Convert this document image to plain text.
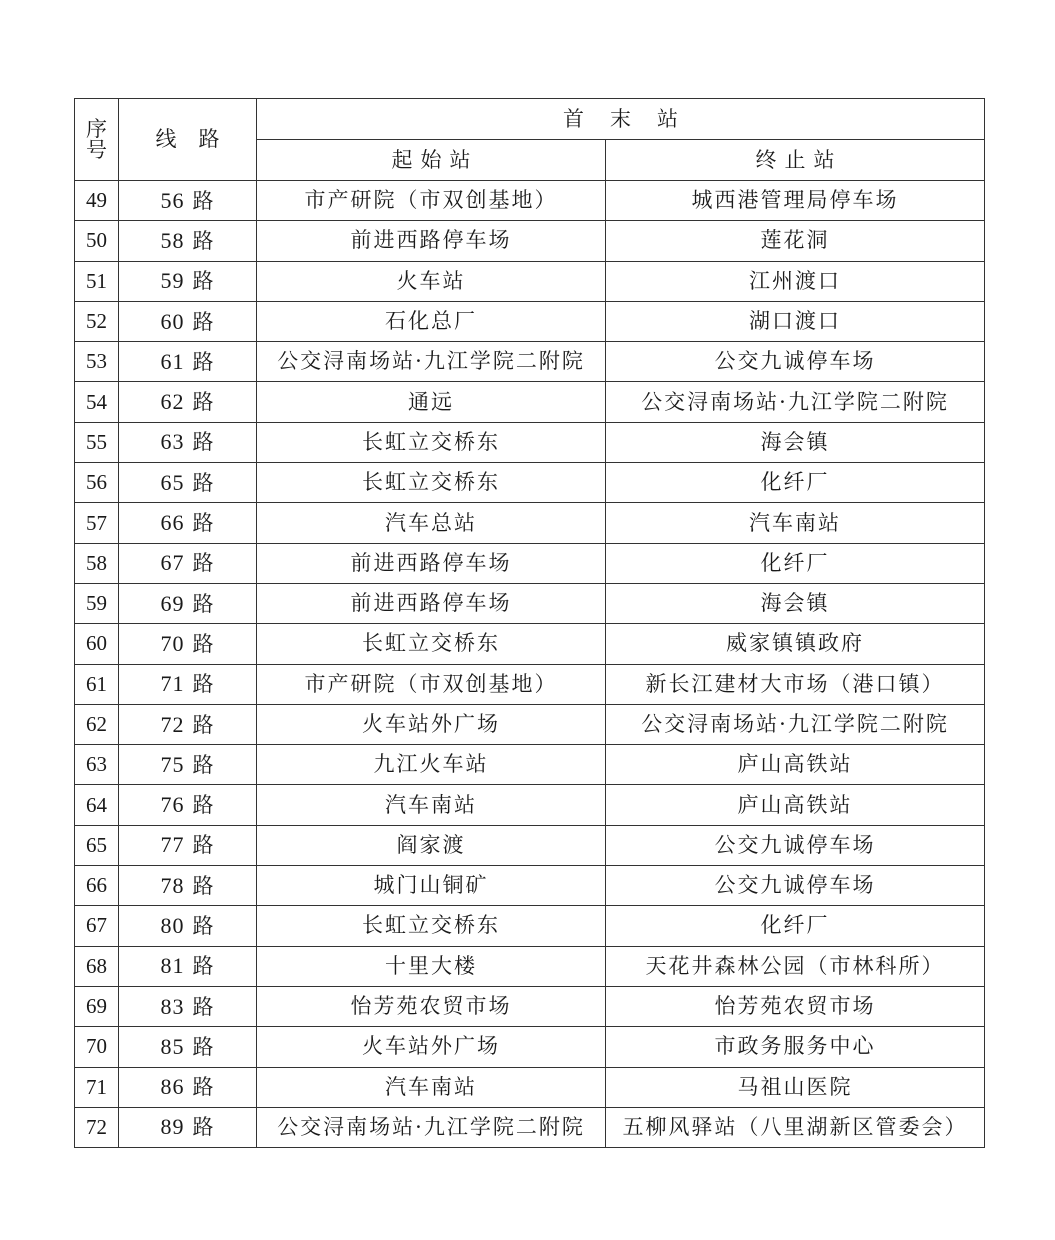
序
号	线路	首末站	
		起始站	终止站
49	56 路	市产研院（市双创基地）	城西港管理局停车场
50	58 路	前进西路停车场	莲花洞
51	59 路	火车站	江州渡口
52	60 路	石化总厂	湖口渡口
53	61 路	公交浔南场站·九江学院二附院	公交九诚停车场
54	62 路	通远	公交浔南场站·九江学院二附院
55	63 路	长虹立交桥东	海会镇
56	65 路	长虹立交桥东	化纤厂
57	66 路	汽车总站	汽车南站
58	67 路	前进西路停车场	化纤厂
59	69 路	前进西路停车场	海会镇
60	70 路	长虹立交桥东	威家镇镇政府
61	71 路	市产研院（市双创基地）	新长江建材大市场（港口镇）
62	72 路	火车站外广场	公交浔南场站·九江学院二附院
63	75 路	九江火车站	庐山高铁站
64	76 路	汽车南站	庐山高铁站
65	77 路	阎家渡	公交九诚停车场
66	78 路	城门山铜矿	公交九诚停车场
67	80 路	长虹立交桥东	化纤厂
68	81 路	十里大楼	天花井森林公园（市林科所）
69	83 路	怡芳苑农贸市场	怡芳苑农贸市场
70	85 路	火车站外广场	市政务服务中心
71	86 路	汽车南站	马祖山医院
72	89 路	公交浔南场站·九江学院二附院	五柳风驿站（八里湖新区管委会）
